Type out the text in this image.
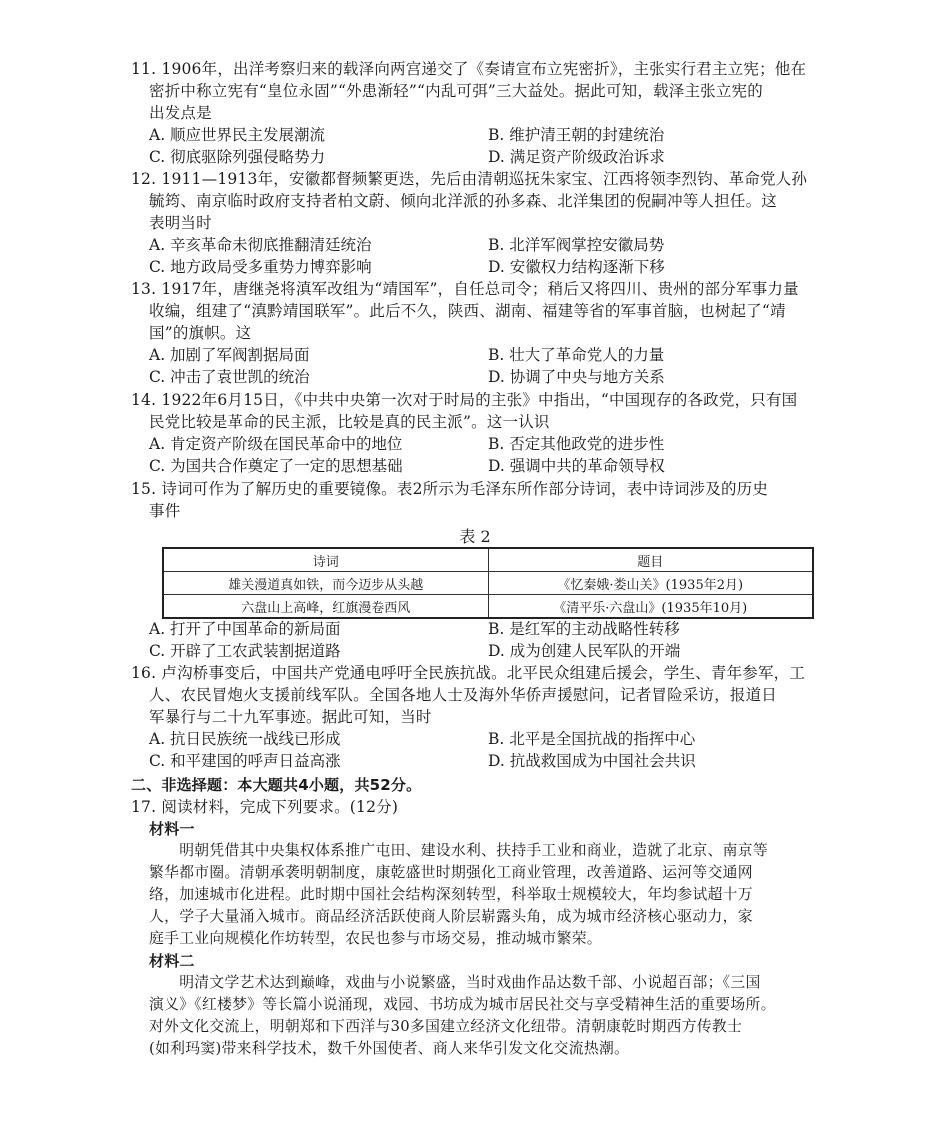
11. 1906年，出洋考察归来的载泽向两宫递交了《奏请宣布立宪密折》，主张实行君主立宪；他在
密折中称立宪有“皇位永固”“外患渐轻”“内乱可弭”三大益处。据此可知，载泽主张立宪的
出发点是
A. 顺应世界民主发展潮流	B. 维护清王朝的封建统治
C. 彻底驱除列强侵略势力	D. 满足资产阶级政治诉求
12. 1911—1913年，安徽都督频繁更迭，先后由清朝巡抚朱家宝、江西将领李烈钧、革命党人孙
毓筠、南京临时政府支持者柏文蔚、倾向北洋派的孙多森、北洋集团的倪嗣冲等人担任。这
表明当时
A. 辛亥革命未彻底推翻清廷统治	B. 北洋军阀掌控安徽局势
C. 地方政局受多重势力博弈影响	D. 安徽权力结构逐渐下移
13. 1917年，唐继尧将滇军改组为“靖国军”，自任总司令；稍后又将四川、贵州的部分军事力量
收编，组建了“滇黔靖国联军”。此后不久，陕西、湖南、福建等省的军事首脑，也树起了“靖
国”的旗帜。这
A. 加剧了军阀割据局面	B. 壮大了革命党人的力量
C. 冲击了袁世凯的统治	D. 协调了中央与地方关系
14. 1922年6月15日，《中共中央第一次对于时局的主张》中指出，“中国现存的各政党，只有国
民党比较是革命的民主派，比较是真的民主派”。这一认识
A. 肯定资产阶级在国民革命中的地位	B. 否定其他政党的进步性
C. 为国共合作奠定了一定的思想基础	D. 强调中共的革命领导权
15. 诗词可作为了解历史的重要镜像。表2所示为毛泽东所作部分诗词，表中诗词涉及的历史
事件
表 2
诗词	题目
雄关漫道真如铁，而今迈步从头越	《忆秦娥·娄山关》(1935年2月)
六盘山上高峰，红旗漫卷西风	《清平乐·六盘山》(1935年10月)
A. 打开了中国革命的新局面	B. 是红军的主动战略性转移
C. 开辟了工农武装割据道路	D. 成为创建人民军队的开端
16. 卢沟桥事变后，中国共产党通电呼吁全民族抗战。北平民众组建后援会，学生、青年参军，工
人、农民冒炮火支援前线军队。全国各地人士及海外华侨声援慰问，记者冒险采访，报道日
军暴行与二十九军事迹。据此可知，当时
A. 抗日民族统一战线已形成	B. 北平是全国抗战的指挥中心
C. 和平建国的呼声日益高涨	D. 抗战救国成为中国社会共识
二、非选择题：本大题共4小题，共52分。
17. 阅读材料，完成下列要求。(12分)
材料一
　　明朝凭借其中央集权体系推广屯田、建设水利、扶持手工业和商业，造就了北京、南京等
繁华都市圈。清朝承袭明朝制度，康乾盛世时期强化工商业管理，改善道路、运河等交通网
络，加速城市化进程。此时期中国社会结构深刻转型，科举取士规模较大，年均参试超十万
人，学子大量涌入城市。商品经济活跃使商人阶层崭露头角，成为城市经济核心驱动力，家
庭手工业向规模化作坊转型，农民也参与市场交易，推动城市繁荣。
材料二
　　明清文学艺术达到巅峰，戏曲与小说繁盛，当时戏曲作品达数千部、小说超百部；《三国
演义》《红楼梦》等长篇小说涌现，戏园、书坊成为城市居民社交与享受精神生活的重要场所。
对外文化交流上，明朝郑和下西洋与30多国建立经济文化纽带。清朝康乾时期西方传教士
(如利玛窦)带来科学技术，数千外国使者、商人来华引发文化交流热潮。
